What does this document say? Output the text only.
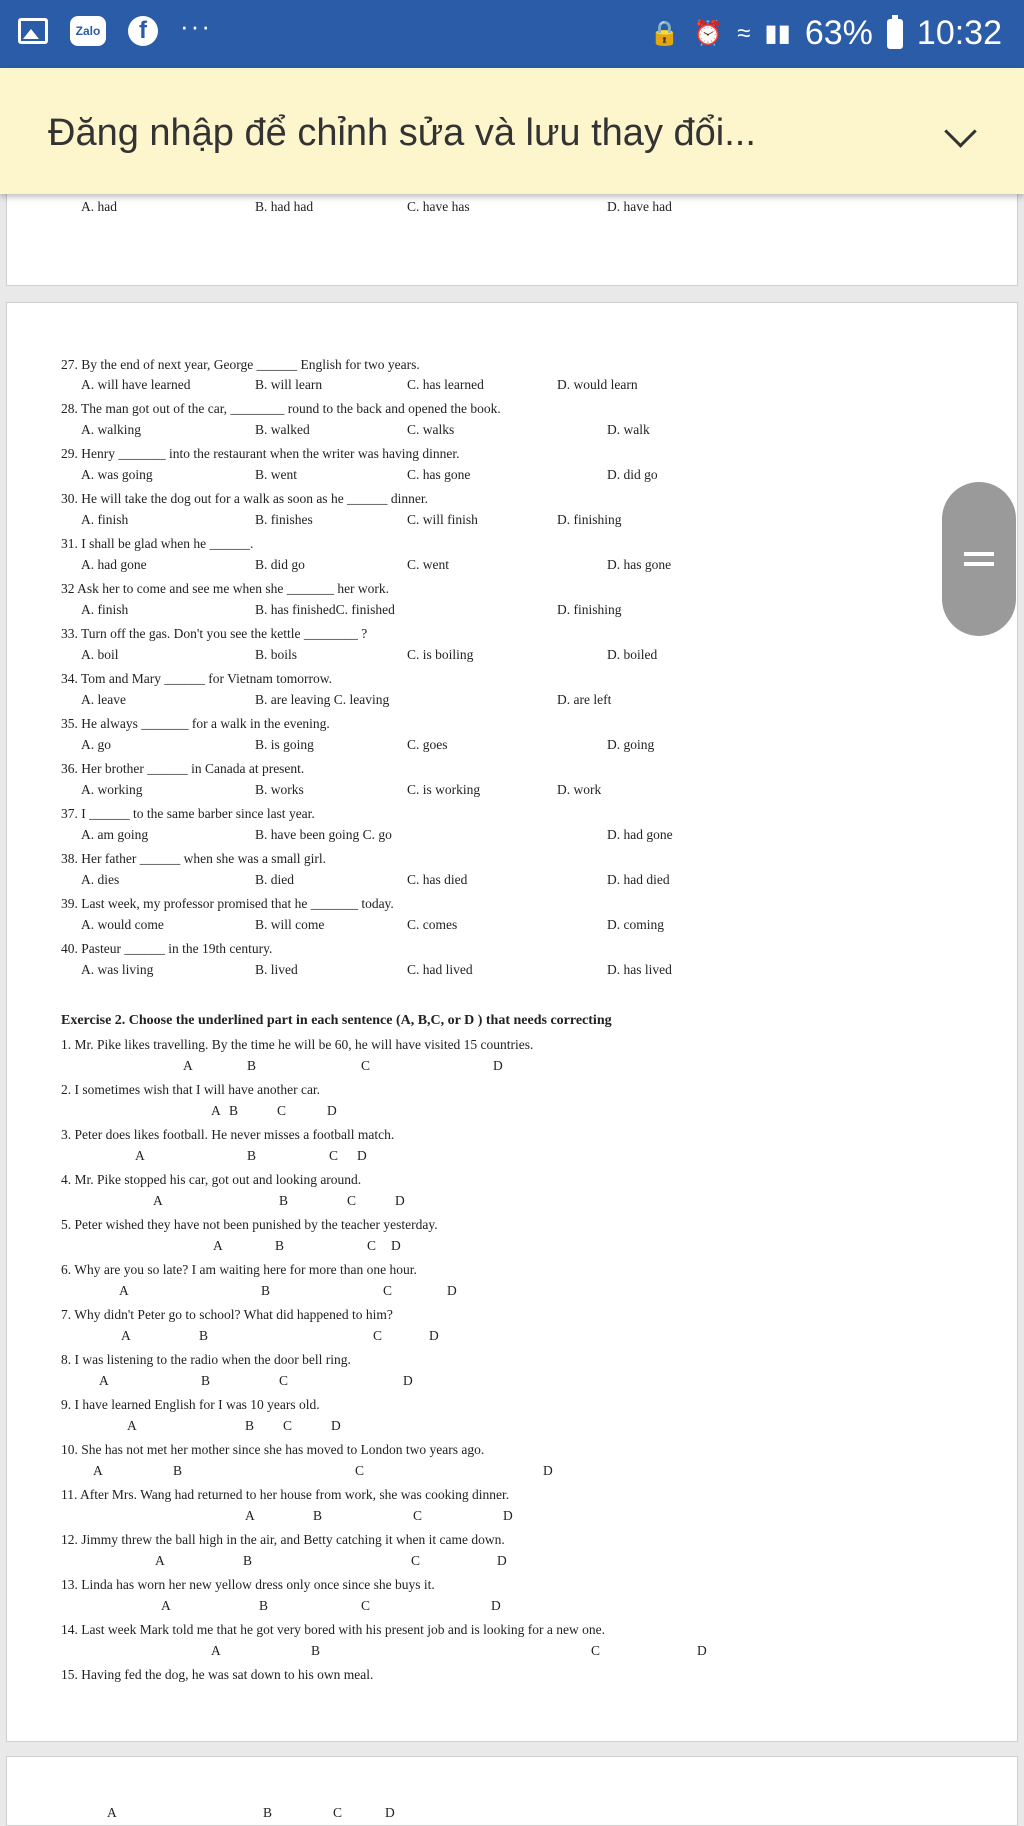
Zalo	f	···	🔒 ⏰ ≈ ▮▮ 63% 10:32
Đăng nhập để chỉnh sửa và lưu thay đổi...
A. had	B. had had	C. have has	D. have had
27. By the end of next year, George ______ English for two years.
A. will have learned	B. will learn	C. has learned	D. would learn
28. The man got out of the car, ________ round to the back and opened the book.
A. walking	B. walked	C. walks	D. walk
29. Henry _______ into the restaurant when the writer was having dinner.
A. was going	B. went	C. has gone	D. did go
30. He will take the dog out for a walk as soon as he ______ dinner.
A. finish	B. finishes	C. will finish	D. finishing
31. I shall be glad when he ______.
A. had gone	B. did go	C. went	D. has gone
32 Ask her to come and see me when she _______ her work.
A. finish	B. has finishedC. finished	D. finishing
33. Turn off the gas. Don't you see the kettle ________ ?
A. boil	B. boils	C. is boiling	D. boiled
34. Tom and Mary ______ for Vietnam tomorrow.
A. leave	B. are leaving C. leaving	D. are left
35. He always _______ for a walk in the evening.
A. go	B. is going	C. goes	D. going
36. Her brother ______ in Canada at present.
A. working	B. works	C. is working	D. work
37. I ______ to the same barber since last year.
A. am going	B. have been going C. go	D. had gone
38. Her father ______ when she was a small girl.
A. dies	B. died	C. has died	D. had died
39. Last week, my professor promised that he _______ today.
A. would come	B. will come	C. comes	D. coming
40. Pasteur ______ in the 19th century.
A. was living	B. lived	C. had lived	D. has lived
Exercise 2. Choose the underlined part in each sentence (A, B,C, or D ) that needs correcting
1. Mr. Pike likes travelling. By the time he will be 60, he will have visited 15 countries.
A	B	C	D
2. I sometimes wish that I will have another car.
A B	C	D
3. Peter does likes football. He never misses a football match.
A	B	C D
4. Mr. Pike stopped his car, got out and looking around.
A	B	C	D
5. Peter wished they have not been punished by the teacher yesterday.
A	B	C D
6. Why are you so late? I am waiting here for more than one hour.
A	B	C	D
7. Why didn't Peter go to school? What did happened to him?
A	B	C	D
8. I was listening to the radio when the door bell ring.
A	B	C	D
9. I have learned English for I was 10 years old.
A	B C	D
10. She has not met her mother since she has moved to London two years ago.
A	B	C	D
11. After Mrs. Wang had returned to her house from work, she was cooking dinner.
A	B	C	D
12. Jimmy threw the ball high in the air, and Betty catching it when it came down.
A	B	C	D
13. Linda has worn her new yellow dress only once since she buys it.
A	B	C	D
14. Last week Mark told me that he got very bored with his present job and is looking for a new one.
A	B	C	D
15. Having fed the dog, he was sat down to his own meal.
A	B	C	D
